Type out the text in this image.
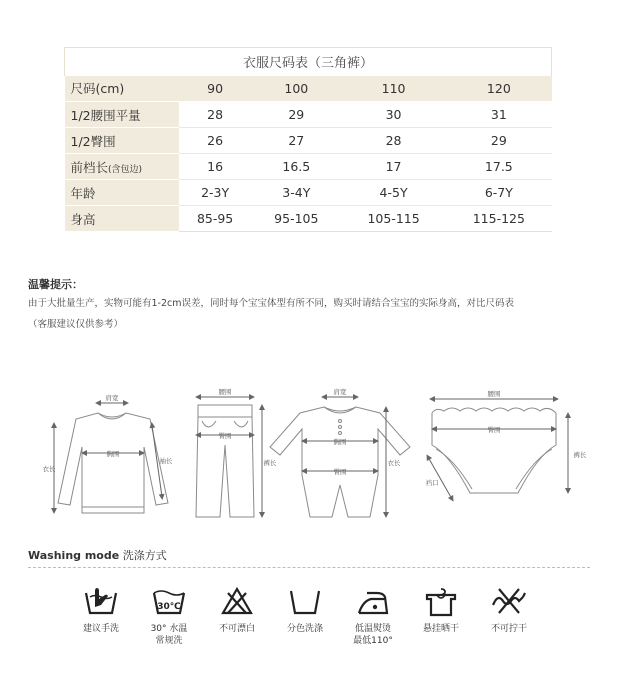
衣服尺码表（三角裤）				
尺码(cm)	90	100	110	120
1/2腰围平量	28	29	30	31
1/2臀围	26	27	28	29
前档长(含包边)	16	16.5	17	17.5
年龄	2-3Y	3-4Y	4-5Y	6-7Y
身高	85-95	95-105	105-115	115-125
温馨提示：
由于大批量生产，实物可能有1-2cm误差，同时每个宝宝体型有所不同，购买时请结合宝宝的实际身高，对比尺码表
（客服建议仅供参考）
肩宽
胸围
衣长
袖长
腰围
臀围
裤长
肩宽
胸围
臀围
衣长
腰围
臀围
裆口
裤长
Washing mode 洗涤方式
建议手洗
30℃
30° 水温
常规洗
不可漂白	分色洗涤	低温熨烫
最低110°
悬挂晒干	不可拧干
